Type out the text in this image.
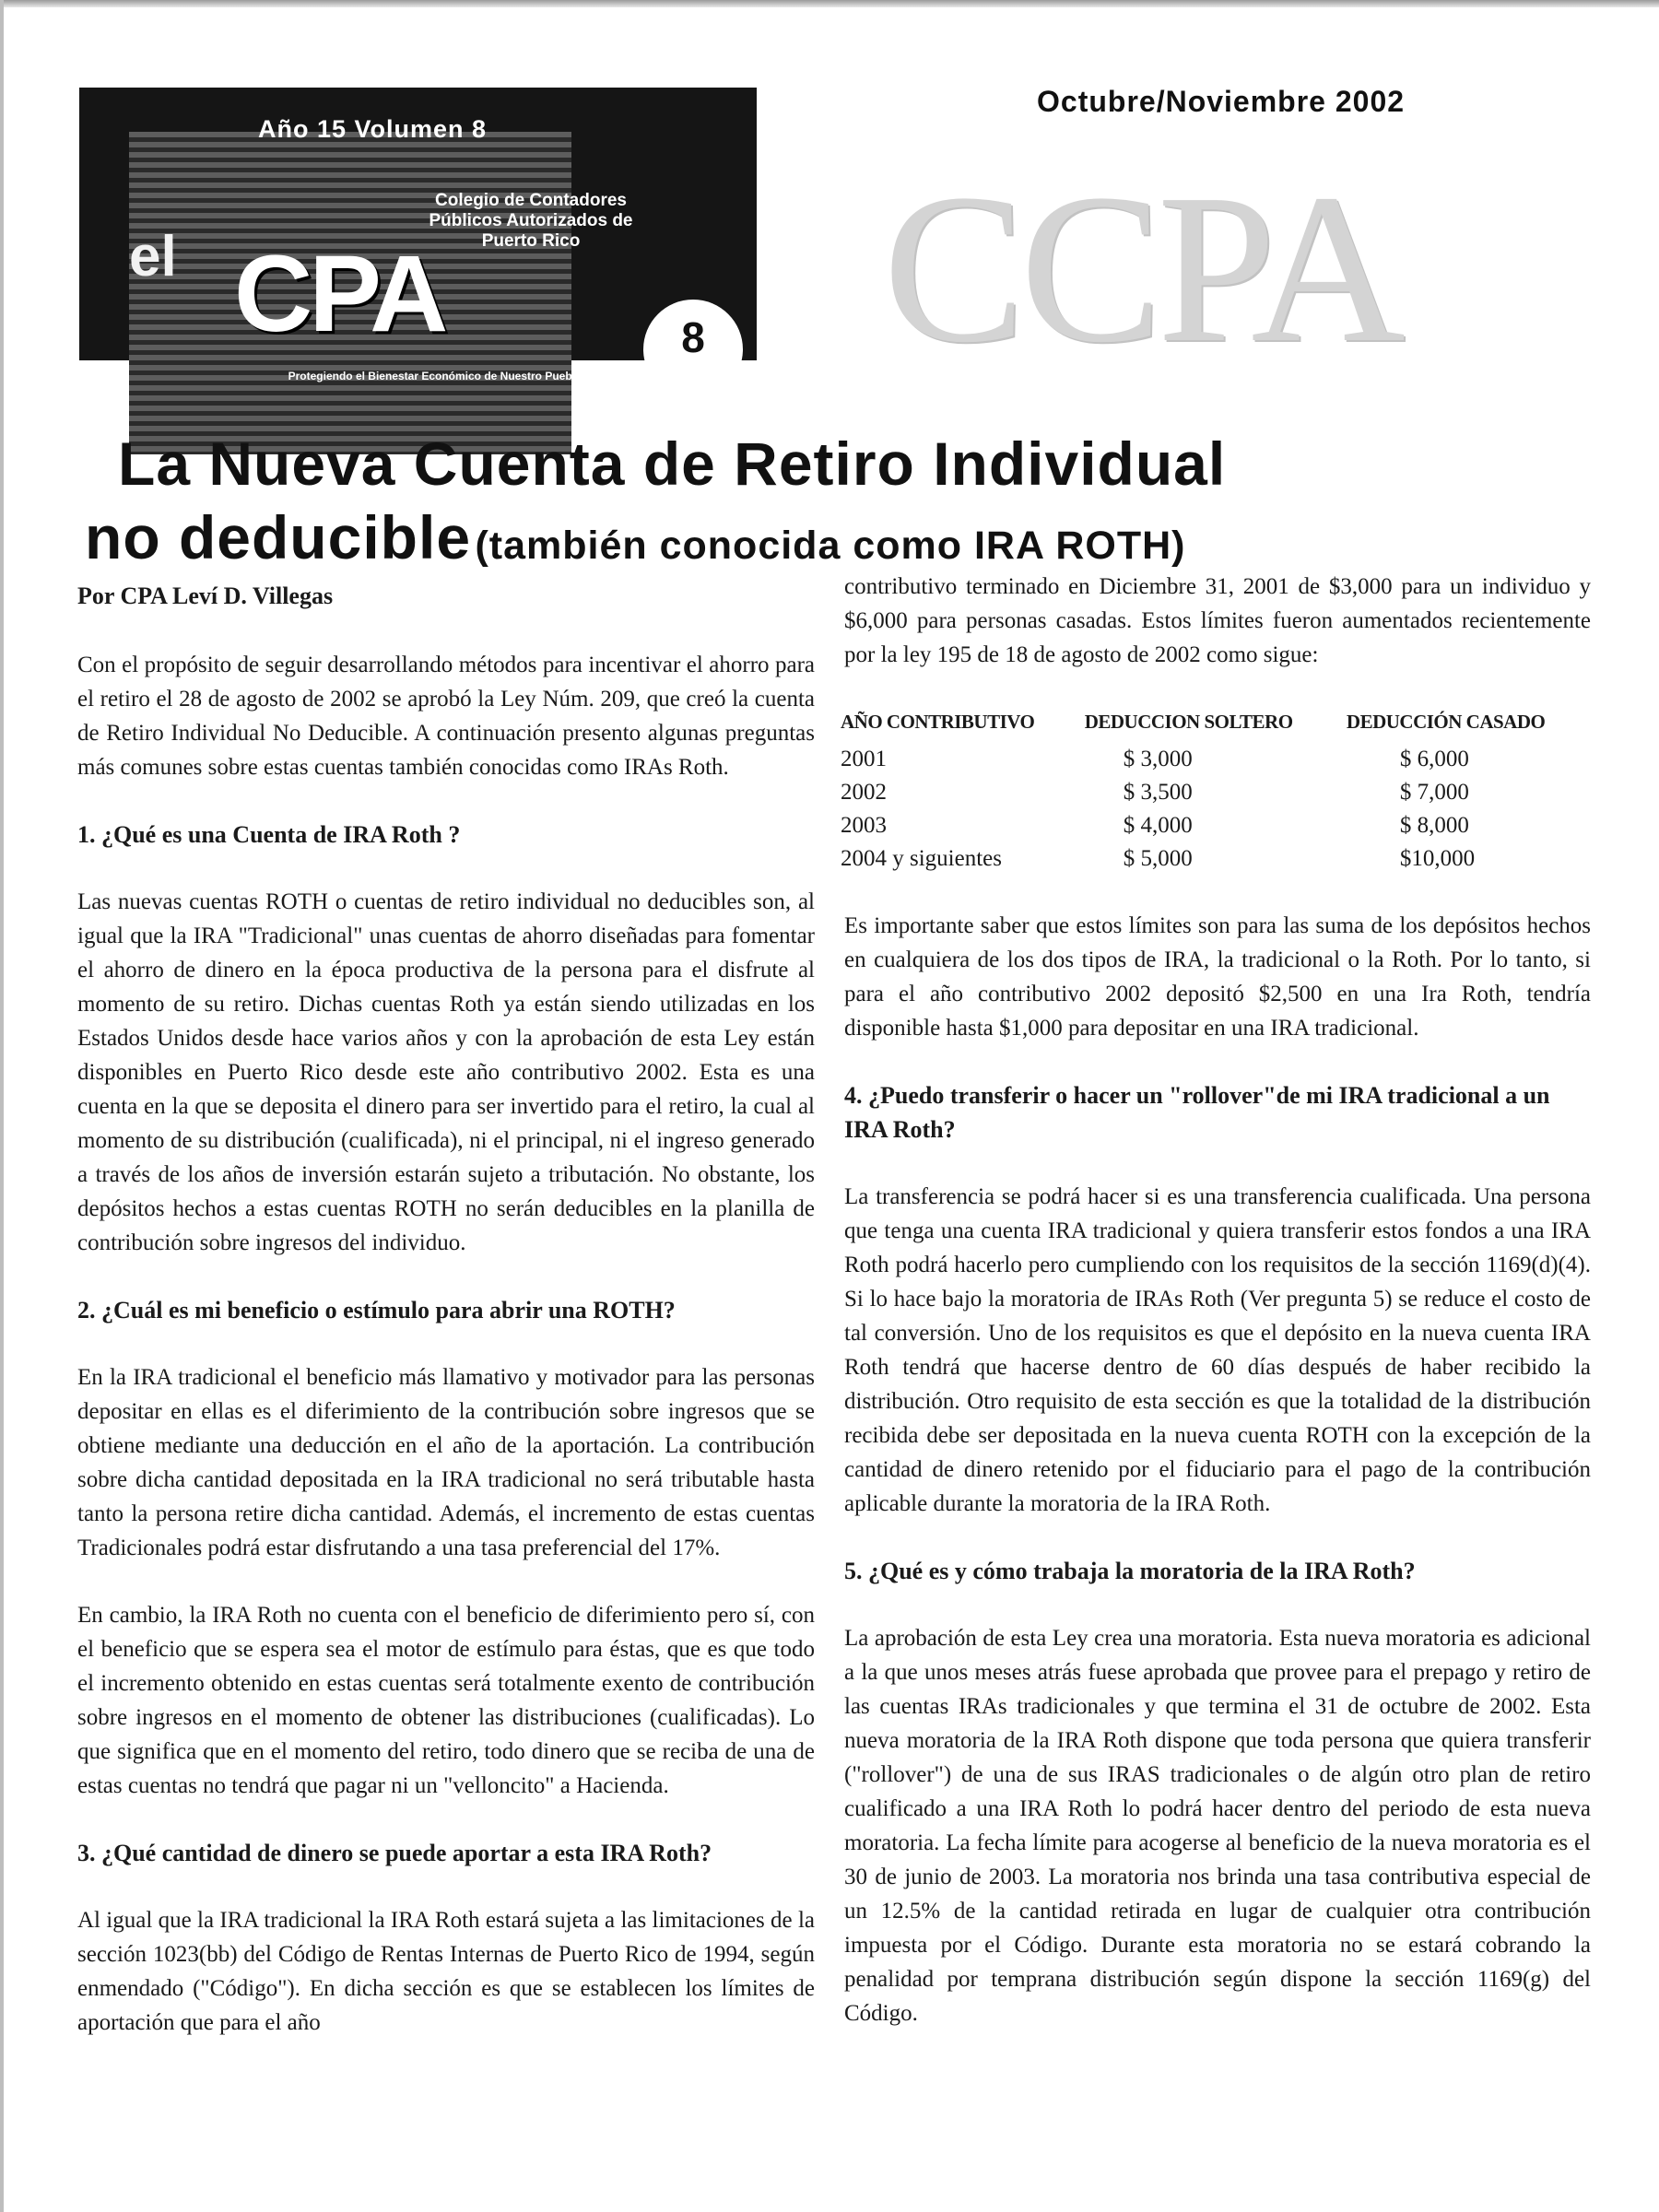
Año 15 Volumen 8
el CPA
Colegio de Contadores Públicos Autorizados de Puerto Rico
8
Protegiendo el Bienestar Económico de Nuestro Pueblo
Octubre/Noviembre 2002
CCPA
La Nueva Cuenta de Retiro Individual
no deducible (también conocida como IRA ROTH)
Por CPA Leví D. Villegas

Con el propósito de seguir desarrollando métodos para incentivar el ahorro para el retiro el 28 de agosto de 2002 se aprobó la Ley Núm. 209, que creó la cuenta de Retiro Individual No Deducible. A continuación presento algunas preguntas más comunes sobre estas cuentas también conocidas como IRAs Roth.

1. ¿Qué es una Cuenta de IRA Roth ?

Las nuevas cuentas ROTH o cuentas de retiro individual no deducibles son, al igual que la IRA "Tradicional" unas cuentas de ahorro diseñadas para fomentar el ahorro de dinero en la época productiva de la persona para el disfrute al momento de su retiro. Dichas cuentas Roth ya están siendo utilizadas en los Estados Unidos desde hace varios años y con la aprobación de esta Ley están disponibles en Puerto Rico desde este año contributivo 2002. Esta es una cuenta en la que se deposita el dinero para ser invertido para el retiro, la cual al momento de su distribución (cualificada), ni el principal, ni el ingreso generado a través de los años de inversión estarán sujeto a tributación. No obstante, los depósitos hechos a estas cuentas ROTH no serán deducibles en la planilla de contribución sobre ingresos del individuo.

2. ¿Cuál es mi beneficio o estímulo para abrir una ROTH?

En la IRA tradicional el beneficio más llamativo y motivador para las personas depositar en ellas es el diferimiento de la contribución sobre ingresos que se obtiene mediante una deducción en el año de la aportación. La contribución sobre dicha cantidad depositada en la IRA tradicional no será tributable hasta tanto la persona retire dicha cantidad. Además, el incremento de estas cuentas Tradicionales podrá estar disfrutando a una tasa preferencial del 17%.

En cambio, la IRA Roth no cuenta con el beneficio de diferimiento pero sí, con el beneficio que se espera sea el motor de estímulo para éstas, que es que todo el incremento obtenido en estas cuentas será totalmente exento de contribución sobre ingresos en el momento de obtener las distribuciones (cualificadas). Lo que significa que en el momento del retiro, todo dinero que se reciba de una de estas cuentas no tendrá que pagar ni un "velloncito" a Hacienda.

3. ¿Qué cantidad de dinero se puede aportar a esta IRA Roth?

Al igual que la IRA tradicional la IRA Roth estará sujeta a las limitaciones de la sección 1023(bb) del Código de Rentas Internas de Puerto Rico de 1994, según enmendado ("Código"). En dicha sección es que se establecen los límites de aportación que para el año

contributivo terminado en Diciembre 31, 2001 de $3,000 para un individuo y $6,000 para personas casadas. Estos límites fueron aumentados recientemente por la ley 195 de 18 de agosto de 2002 como sigue:

AÑO CONTRIBUTIVO	DEDUCCION SOLTERO	DEDUCCIÓN CASADO
2001	$ 3,000	$ 6,000
2002	$ 3,500	$ 7,000
2003	$ 4,000	$ 8,000
2004 y siguientes	$ 5,000	$10,000

Es importante saber que estos límites son para las suma de los depósitos hechos en cualquiera de los dos tipos de IRA, la tradicional o la Roth. Por lo tanto, si para el año contributivo 2002 depositó $2,500 en una Ira Roth, tendría disponible hasta $1,000 para depositar en una IRA tradicional.

4. ¿Puedo transferir o hacer un "rollover"de mi IRA tradicional a un IRA Roth?

La transferencia se podrá hacer si es una transferencia cualificada. Una persona que tenga una cuenta IRA tradicional y quiera transferir estos fondos a una IRA Roth podrá hacerlo pero cumpliendo con los requisitos de la sección 1169(d)(4). Si lo hace bajo la moratoria de IRAs Roth (Ver pregunta 5) se reduce el costo de tal conversión. Uno de los requisitos es que el depósito en la nueva cuenta IRA Roth tendrá que hacerse dentro de 60 días después de haber recibido la distribución. Otro requisito de esta sección es que la totalidad de la distribución recibida debe ser depositada en la nueva cuenta ROTH con la excepción de la cantidad de dinero retenido por el fiduciario para el pago de la contribución aplicable durante la moratoria de la IRA Roth.

5. ¿Qué es y cómo trabaja la moratoria de la IRA Roth?

La aprobación de esta Ley crea una moratoria. Esta nueva moratoria es adicional a la que unos meses atrás fuese aprobada que provee para el prepago y retiro de las cuentas IRAs tradicionales y que termina el 31 de octubre de 2002. Esta nueva moratoria de la IRA Roth dispone que toda persona que quiera transferir ("rollover") de una de sus IRAS tradicionales o de algún otro plan de retiro cualificado a una IRA Roth lo podrá hacer dentro del periodo de esta nueva moratoria. La fecha límite para acogerse al beneficio de la nueva moratoria es el 30 de junio de 2003. La moratoria nos brinda una tasa contributiva especial de un 12.5% de la cantidad retirada en lugar de cualquier otra contribución impuesta por el Código. Durante esta moratoria no se estará cobrando la penalidad por temprana distribución según dispone la sección 1169(g) del Código.
